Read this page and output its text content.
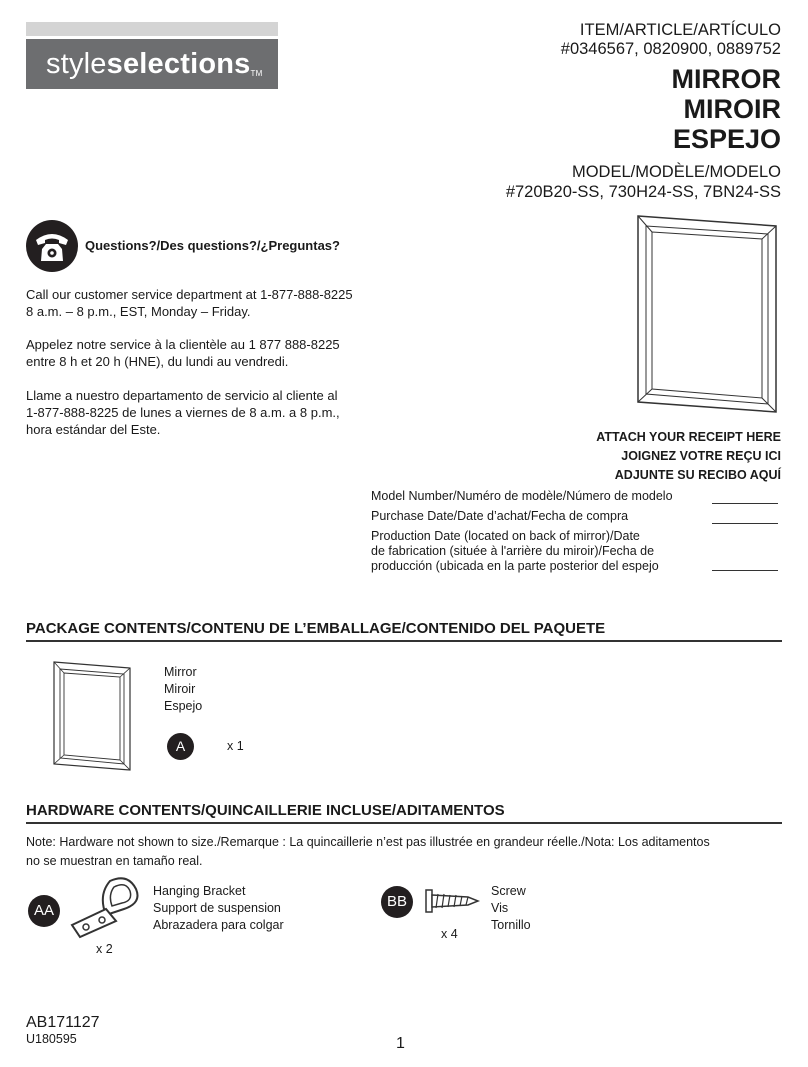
styleselections™
ITEM/ARTICLE/ARTÍCULO
#0346567, 0820900, 0889752
MIRROR
MIROIR
ESPEJO
MODEL/MODÈLE/MODELO
#720B20-SS, 730H24-SS, 7BN24-SS
Questions?/Des questions?/¿Preguntas?
Call our customer service department at 1-877-888-8225
8 a.m. – 8 p.m., EST, Monday – Friday.
Appelez notre service à la clientèle au 1 877 888-8225
entre 8 h et 20 h (HNE), du lundi au vendredi.
Llame a nuestro departamento de servicio al cliente al
1-877-888-8225 de lunes a viernes de 8 a.m. a 8 p.m.,
hora estándar del Este.	ATTACH YOUR RECEIPT HERE
JOIGNEZ VOTRE REÇU ICI
ADJUNTE SU RECIBO AQUÍ
Model Number/Numéro de modèle/Número de modelo
Purchase Date/Date d’achat/Fecha de compra
Production Date (located on back of mirror)/Date
de fabrication (située à l'arrière du miroir)/Fecha de
producción (ubicada en la parte posterior del espejo
PACKAGE CONTENTS/CONTENU DE L’EMBALLAGE/CONTENIDO DEL PAQUETE
Mirror
Miroir
Espejo
A	x 1
HARDWARE CONTENTS/QUINCAILLERIE INCLUSE/ADITAMENTOS
Note: Hardware not shown to size./Remarque : La quincaillerie n’est pas illustrée en grandeur réelle./Nota: Los aditamentos
no se muestran en tamaño real.
AA
Hanging Bracket
Support de suspension
Abrazadera para colgar
x 2
BB
Screw
Vis
Tornillo
x 4
AB171127
U180595	1
